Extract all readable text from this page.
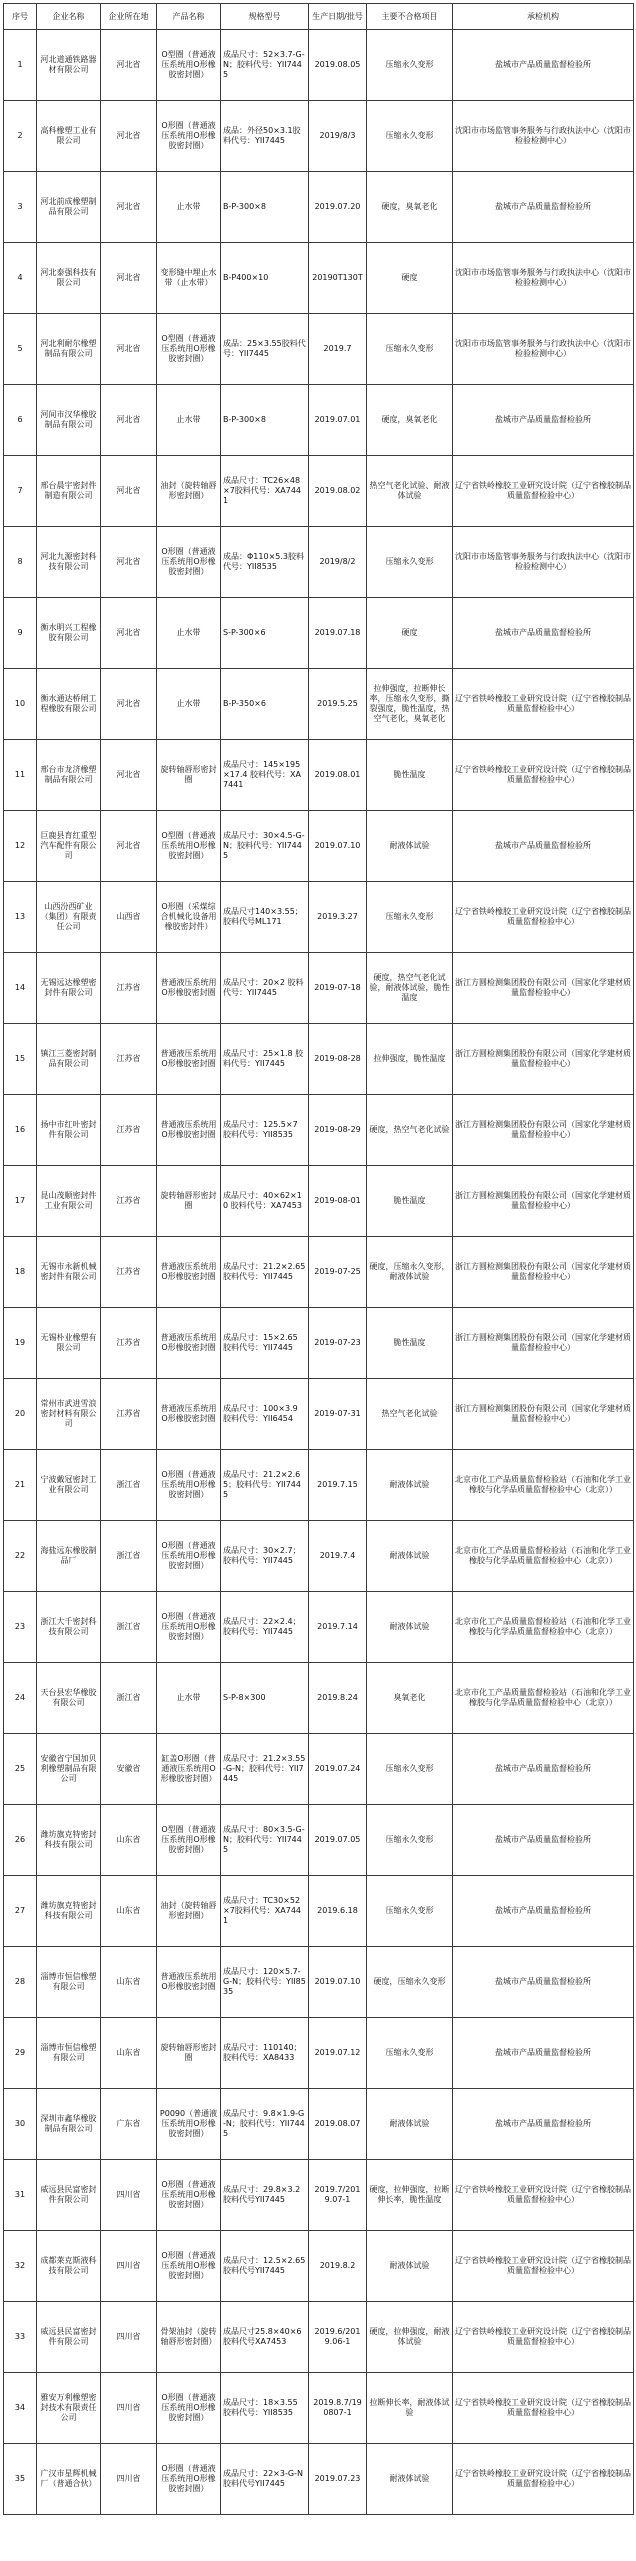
序号	企业名称	企业所在地	产品名称	规格型号	生产日期/批号	主要不合格项目	承检机构
1	河北道通铁路器材有限公司	河北省	O型圈（普通液压系统用O形橡胶密封圈）	成品尺寸：52×3.7-G-N；胶料代号：YII7445	2019.08.05	压缩永久变形	盐城市产品质量监督检验所
2	高科橡塑工业有限公司	河北省	O形圈（普通液压系统用O形橡胶密封圈）	成品：外径50×3.1胶料代号：YII7445	2019/8/3	压缩永久变形	沈阳市市场监管事务服务与行政执法中心（沈阳市检验检测中心）
3	河北前成橡塑制品有限公司	河北省	止水带	B-P-300×8	2019.07.20	硬度，臭氧老化	盐城市产品质量监督检验所
4	河北泰强科技有限公司	河北省	变形缝中埋止水带（止水带）	B-P400×10	20190T130T	硬度	沈阳市市场监管事务服务与行政执法中心（沈阳市检验检测中心）
5	河北利耐尔橡塑制品有限公司	河北省	O型圈（普通液压系统用O形橡胶密封圈）	成品：25×3.55胶料代号：YII7445	2019.7	压缩永久变形	沈阳市市场监管事务服务与行政执法中心（沈阳市检验检测中心）
6	河间市汉华橡胶制品有限公司	河北省	止水带	B-P-300×8	2019.07.01	硬度，臭氧老化	盐城市产品质量监督检验所
7	邢台晨宇密封件制造有限公司	河北省	油封（旋转轴唇形密封圈）	成品尺寸：TC26×48×7胶料代号：XA7441	2019.08.02	热空气老化试验、耐液体试验	辽宁省铁岭橡胶工业研究设计院（辽宁省橡胶制品质量监督检验中心）
8	河北九源密封科技有限公司	河北省	O形圈（普通液压系统用O形橡胶密封圈）	成品：Φ110×5.3胶料代号：YII8535	2019/8/2	压缩永久变形	沈阳市市场监管事务服务与行政执法中心（沈阳市检验检测中心）
9	衡水明兴工程橡胶有限公司	河北省	止水带	S-P-300×6	2019.07.18	硬度	盐城市产品质量监督检验所
10	衡水通达桥闸工程橡胶有限公司	河北省	止水带	B-P-350×6	2019.5.25	拉伸强度，拉断伸长率，压缩永久变形，撕裂强度，脆性温度，热空气老化，臭氧老化	辽宁省铁岭橡胶工业研究设计院（辽宁省橡胶制品质量监督检验中心）
11	邢台市龙济橡塑制品有限公司	河北省	旋转轴唇形密封圈	成品尺寸：145×195×17.4 胶料代号：XA7441	2019.08.01	脆性温度	辽宁省铁岭橡胶工业研究设计院（辽宁省橡胶制品质量监督检验中心）
12	巨鹿县育红重型汽车配件有限公司	河北省	O型圈（普通液压系统用O形橡胶密封圈）	成品尺寸：30×4.5-G-N；胶料代号：YII7445	2019.07.10	耐液体试验	盐城市产品质量监督检验所
13	山西汾西矿业（集团）有限责任公司	山西省	O形圈（采煤综合机械化设备用橡胶密封件）	成品尺寸140×3.55；胶料代号ML171	2019.3.27	压缩永久变形	辽宁省铁岭橡胶工业研究设计院（辽宁省橡胶制品质量监督检验中心）
14	无锡远达橡塑密封件有限公司	江苏省	普通液压系统用O形橡胶密封圈	成品尺寸：20×2 胶料代号：YII7445	2019-07-18	硬度，热空气老化试验，耐液体试验，脆性温度	浙江方圆检测集团股份有限公司（国家化学建材质量监督检验中心）
15	镇江三菱密封制品有限公司	江苏省	普通液压系统用O形橡胶密封圈	成品尺寸：25×1.8 胶料代号：YII7445	2019-08-28	拉伸强度，脆性温度	浙江方圆检测集团股份有限公司（国家化学建材质量监督检验中心）
16	扬中市红叶密封件有限公司	江苏省	普通液压系统用O形橡胶密封圈	成品尺寸：125.5×7 胶料代号：YII8535	2019-08-29	硬度，热空气老化试验	浙江方圆检测集团股份有限公司（国家化学建材质量监督检验中心）
17	昆山茂顺密封件工业有限公司	江苏省	旋转轴唇形密封圈	成品尺寸：40×62×10 胶料代号：XA7453	2019-08-01	脆性温度	浙江方圆检测集团股份有限公司（国家化学建材质量监督检验中心）
18	无锡市永新机械密封件有限公司	江苏省	普通液压系统用O形橡胶密封圈	成品尺寸：21.2×2.65 胶料代号：YII7445	2019-07-25	硬度，压缩永久变形，耐液体试验	浙江方圆检测集团股份有限公司（国家化学建材质量监督检验中心）
19	无锡朴业橡塑有限公司	江苏省	普通液压系统用O形橡胶密封圈	成品尺寸：15×2.65 胶料代号：YII7445	2019-07-23	脆性温度	浙江方圆检测集团股份有限公司（国家化学建材质量监督检验中心）
20	常州市武进雪浪密封材料有限公司	江苏省	普通液压系统用O形橡胶密封圈	成品尺寸：100×3.9 胶料代号：YII6454	2019-07-31	热空气老化试验	浙江方圆检测集团股份有限公司（国家化学建材质量监督检验中心）
21	宁波戴冠密封工业有限公司	浙江省	O形圈（普通液压系统用O形橡胶密封圈）	成品尺寸：21.2×2.65；胶料代号：YII7445	2019.7.15	耐液体试验	北京市化工产品质量监督检验站（石油和化学工业橡胶与化学品质量监督检验中心（北京））
22	海盐远东橡胶制品厂	浙江省	O形圈（普通液压系统用O形橡胶密封圈）	成品尺寸：30×2.7；胶料代号：YII7445	2019.7.4	耐液体试验	北京市化工产品质量监督检验站（石油和化学工业橡胶与化学品质量监督检验中心（北京））
23	浙江大千密封科技有限公司	浙江省	O形圈（普通液压系统用O形橡胶密封圈）	成品尺寸：22×2.4；胶料代号：YII7445	2019.7.14	耐液体试验	北京市化工产品质量监督检验站（石油和化学工业橡胶与化学品质量监督检验中心（北京））
24	天台县宏华橡胶有限公司	浙江省	止水带	S-P-8×300	2019.8.24	臭氧老化	北京市化工产品质量监督检验站（石油和化学工业橡胶与化学品质量监督检验中心（北京））
25	安徽省宁国加贝利橡塑制品有限公司	安徽省	缸盖O形圈（普通液压系统用O形橡胶密封圈）	成品尺寸：21.2×3.55-G-N；胶料代号：YII7445	2019.07.24	压缩永久变形	盐城市产品质量监督检验所
26	潍坊旗克特密封科技有限公司	山东省	O型圈（普通液压系统用O形橡胶密封圈）	成品尺寸：80×3.5-G-N；胶料代号：YII7445	2019.07.05	压缩永久变形	盐城市产品质量监督检验所
27	潍坊旗克特密封科技有限公司	山东省	油封（旋转轴唇形密封圈）	成品尺寸：TC30×52×7胶料代号：XA7441	2019.6.18	压缩永久变形	盐城市产品质量监督检验所
28	淄博市恒信橡塑有限公司	山东省	普通液压系统用O形橡胶密封圈	成品尺寸：120×5.7-G-N；胶料代号：YII8535	2019.07.10	硬度，压缩永久变形	盐城市产品质量监督检验所
29	淄博市恒信橡塑有限公司	山东省	旋转轴唇形密封圈	成品尺寸：110140；胶料代号：XA8433	2019.07.12	压缩永久变形	盐城市产品质量监督检验所
30	深圳市鑫华橡胶制品有限公司	广东省	P0090（普通液压系统用O形橡胶密封圈）	成品尺寸：9.8×1.9-G-N；胶料代号：YII7445	2019.08.07	耐液体试验	盐城市产品质量监督检验所
31	威远县民富密封件有限公司	四川省	O形圈（普通液压系统用O形橡胶密封圈）	成品尺寸：29.8×3.2 胶料代号YII7445	2019.7/2019.07-1	硬度，拉伸强度，拉断伸长率，脆性温度	辽宁省铁岭橡胶工业研究设计院（辽宁省橡胶制品质量监督检验中心）
32	成都莱克斯液科技有限公司	四川省	O形圈（普通液压系统用O形橡胶密封圈）	成品尺寸：12.5×2.65胶料代号YII7445	2019.8.2	耐液体试验	辽宁省铁岭橡胶工业研究设计院（辽宁省橡胶制品质量监督检验中心）
33	威远县民富密封件有限公司	四川省	骨架油封（旋转轴唇形密封圈）	成品尺寸25.8×40×6胶料代号XA7453	2019.6/2019.06-1	硬度，拉伸强度，耐液体试验	辽宁省铁岭橡胶工业研究设计院（辽宁省橡胶制品质量监督检验中心）
34	雅安万利橡塑密封技术有限责任公司	四川省	O形圈（普通液压系统用O形橡胶密封圈）	成品尺寸：18×3.55 胶料代号：YII8535	2019.8.7/190807-1	拉断伸长率，耐液体试验	辽宁省铁岭橡胶工业研究设计院（辽宁省橡胶制品质量监督检验中心）
35	广汉市星辉机械厂（普通合伙）	四川省	O形圈（普通液压系统用O形橡胶密封圈）	成品尺寸：22×3-G-N胶料代号YII7445	2019.07.23	耐液体试验	辽宁省铁岭橡胶工业研究设计院（辽宁省橡胶制品质量监督检验中心）
